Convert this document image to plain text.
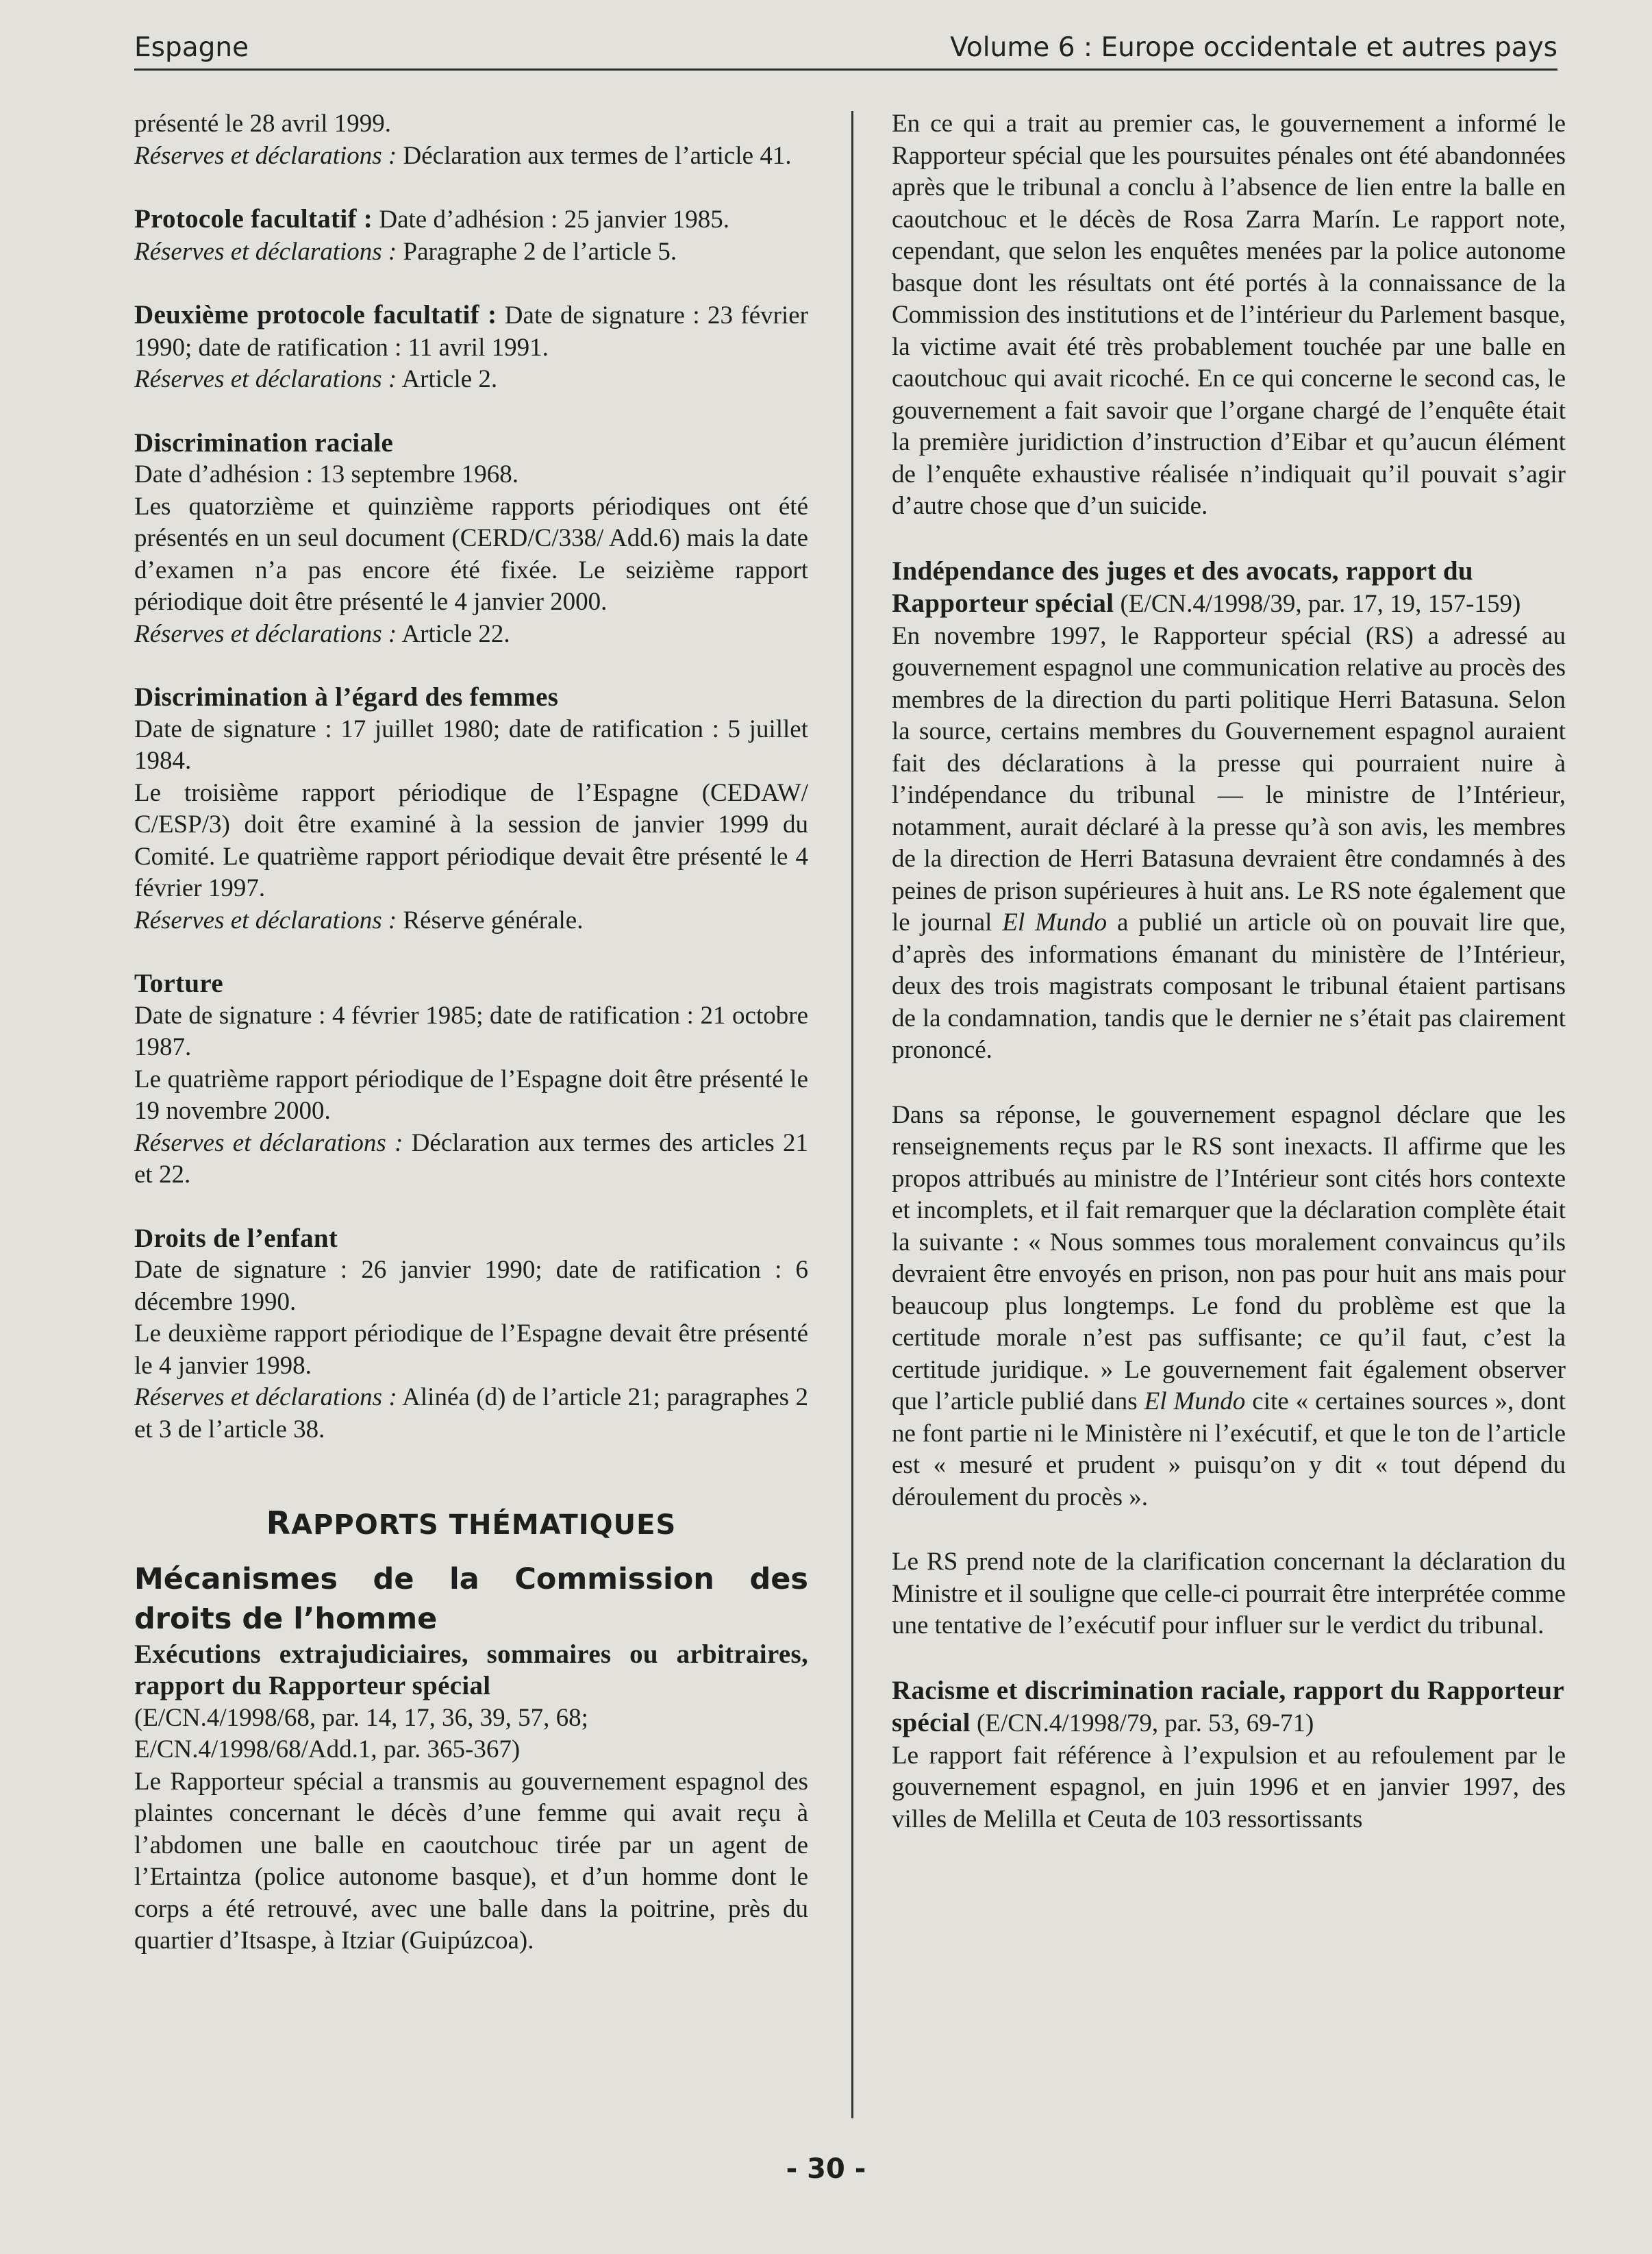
Espagne	Volume 6 : Europe occidentale et autres pays

présenté le 28 avril 1999.

Réserves et déclarations : Déclaration aux termes de l’article 41.

Protocole facultatif : Date d’adhésion : 25 janvier 1985.

Réserves et déclarations : Paragraphe 2 de l’article 5.

Deuxième protocole facultatif : Date de signature : 23 février 1990; date de ratification : 11 avril 1991.

Réserves et déclarations : Article 2.

Discrimination raciale

Date d’adhésion : 13 septembre 1968.

Les quatorzième et quinzième rapports périodiques ont été présentés en un seul document (CERD/C/338/ Add.6) mais la date d’examen n’a pas encore été fixée. Le seizième rapport périodique doit être présenté le 4 janvier 2000.

Réserves et déclarations : Article 22.

Discrimination à l’égard des femmes

Date de signature : 17 juillet 1980; date de ratification : 5 juillet 1984.

Le troisième rapport périodique de l’Espagne (CEDAW/ C/ESP/3) doit être examiné à la session de janvier 1999 du Comité. Le quatrième rapport périodique devait être présenté le 4 février 1997.

Réserves et déclarations : Réserve générale.

Torture

Date de signature : 4 février 1985; date de ratification : 21 octobre 1987.

Le quatrième rapport périodique de l’Espagne doit être présenté le 19 novembre 2000.

Réserves et déclarations : Déclaration aux termes des articles 21 et 22.

Droits de l’enfant

Date de signature : 26 janvier 1990; date de ratification : 6 décembre 1990.

Le deuxième rapport périodique de l’Espagne devait être présenté le 4 janvier 1998.

Réserves et déclarations : Alinéa (d) de l’article 21; paragraphes 2 et 3 de l’article 38.

RAPPORTS THÉMATIQUES

Mécanismes de la Commission des droits de l’homme

Exécutions extrajudiciaires, sommaires ou arbitraires, rapport du Rapporteur spécial

(E/CN.4/1998/68, par. 14, 17, 36, 39, 57, 68; E/CN.4/1998/68/Add.1, par. 365-367)

Le Rapporteur spécial a transmis au gouvernement espagnol des plaintes concernant le décès d’une femme qui avait reçu à l’abdomen une balle en caoutchouc tirée par un agent de l’Ertaintza (police autonome basque), et d’un homme dont le corps a été retrouvé, avec une balle dans la poitrine, près du quartier d’Itsaspe, à Itziar (Guipúzcoa).

En ce qui a trait au premier cas, le gouvernement a informé le Rapporteur spécial que les poursuites pénales ont été abandonnées après que le tribunal a conclu à l’absence de lien entre la balle en caoutchouc et le décès de Rosa Zarra Marín. Le rapport note, cependant, que selon les enquêtes menées par la police autonome basque dont les résultats ont été portés à la connaissance de la Commission des institutions et de l’intérieur du Parlement basque, la victime avait été très probablement touchée par une balle en caoutchouc qui avait ricoché. En ce qui concerne le second cas, le gouvernement a fait savoir que l’organe chargé de l’enquête était la première juridiction d’instruction d’Eibar et qu’aucun élément de l’enquête exhaustive réalisée n’indiquait qu’il pouvait s’agir d’autre chose que d’un suicide.

Indépendance des juges et des avocats, rapport du Rapporteur spécial (E/CN.4/1998/39, par. 17, 19, 157-159)

En novembre 1997, le Rapporteur spécial (RS) a adressé au gouvernement espagnol une communication relative au procès des membres de la direction du parti politique Herri Batasuna. Selon la source, certains membres du Gouvernement espagnol auraient fait des déclarations à la presse qui pourraient nuire à l’indépendance du tribunal — le ministre de l’Intérieur, notamment, aurait déclaré à la presse qu’à son avis, les membres de la direction de Herri Batasuna devraient être condamnés à des peines de prison supérieures à huit ans. Le RS note également que le journal El Mundo a publié un article où on pouvait lire que, d’après des informations émanant du ministère de l’Intérieur, deux des trois magistrats composant le tribunal étaient partisans de la condamnation, tandis que le dernier ne s’était pas clairement prononcé.

Dans sa réponse, le gouvernement espagnol déclare que les renseignements reçus par le RS sont inexacts. Il affirme que les propos attribués au ministre de l’Intérieur sont cités hors contexte et incomplets, et il fait remarquer que la déclaration complète était la suivante : « Nous sommes tous moralement convaincus qu’ils devraient être envoyés en prison, non pas pour huit ans mais pour beaucoup plus longtemps. Le fond du problème est que la certitude morale n’est pas suffisante; ce qu’il faut, c’est la certitude juridique. » Le gouvernement fait également observer que l’article publié dans El Mundo cite « certaines sources », dont ne font partie ni le Ministère ni l’exécutif, et que le ton de l’article est « mesuré et prudent » puisqu’on y dit « tout dépend du déroulement du procès ».

Le RS prend note de la clarification concernant la déclaration du Ministre et il souligne que celle-ci pourrait être interprétée comme une tentative de l’exécutif pour influer sur le verdict du tribunal.

Racisme et discrimination raciale, rapport du Rapporteur spécial (E/CN.4/1998/79, par. 53, 69-71)

Le rapport fait référence à l’expulsion et au refoulement par le gouvernement espagnol, en juin 1996 et en janvier 1997, des villes de Melilla et Ceuta de 103 ressortissants

- 30 -
